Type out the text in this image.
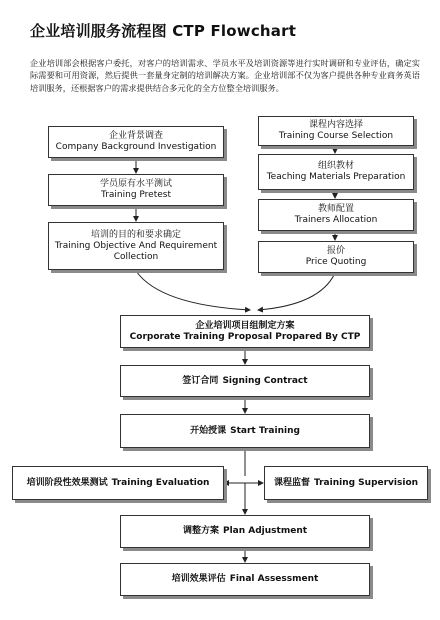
企业培训服务流程图 CTP Flowchart
企业培训部会根据客户委托，对客户的培训需求、学员水平及培训资源等进行实时调研和专业评估，确定实际需要和可用资源，然后提供一套量身定制的培训解决方案。企业培训部不仅为客户提供各种专业商务英语培训服务，还根据客户的需求提供结合多元化的全方位整全培训服务。
企业背景调查
Company Background Investigation
学员原有水平测试
Training Pretest
培训的目的和要求确定
Training Objective And Requirement Collection
课程内容选择
Training Course Selection
组织教材
Teaching Materials Preparation
教师配置
Trainers Allocation
报价
Price Quoting
企业培训项目组制定方案
Corporate Training Proposal Propared By CTP
签订合同 Signing Contract
开始授课 Start Training
培训阶段性效果测试 Training Evaluation	课程监督 Training Supervision
调整方案 Plan Adjustment
培训效果评估 Final Assessment
